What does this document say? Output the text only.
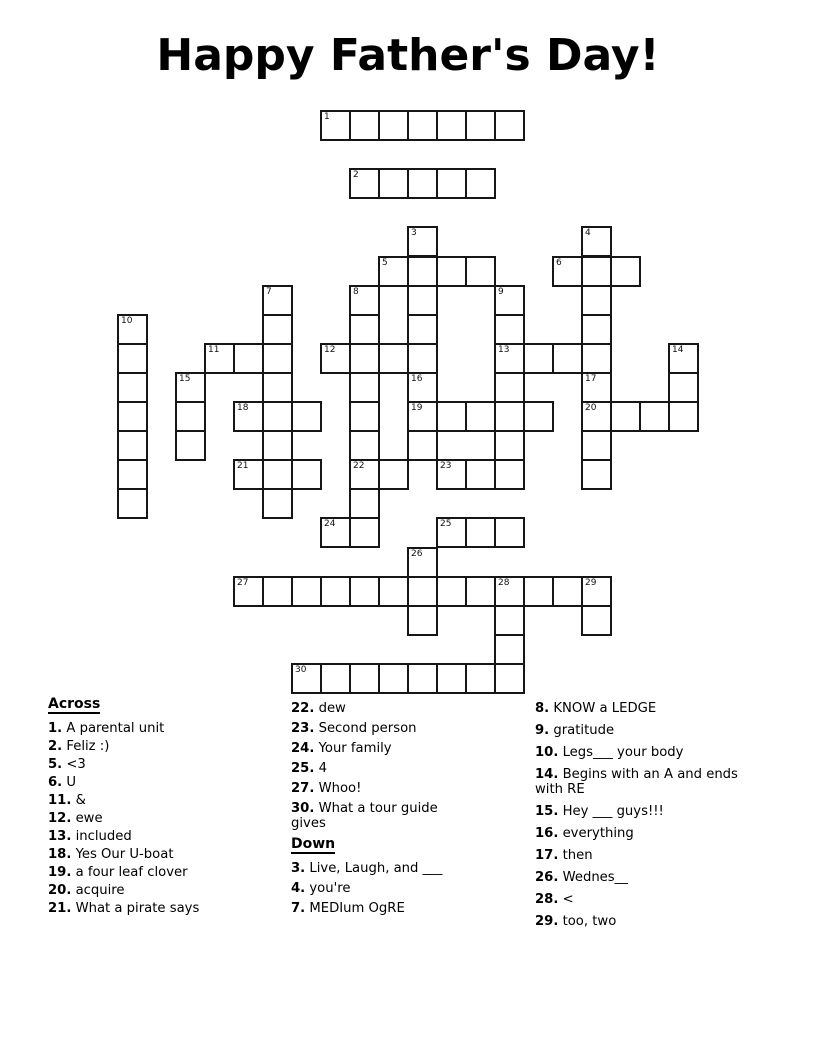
Happy Father's Day!
1
2
3	4
5	6
7	8
22
9
13
10
11	12	14
15	16
19
17
20
18
21	23
24	25
26
27	28	29
30
Across
1. A parental unit
2. Feliz :)
5. <3
6. U
11. &
12. ewe
13. included
18. Yes Our U-boat
19. a four leaf clover
20. acquire
21. What a pirate says
22. dew
23. Second person
24. Your family
25. 4
27. Whoo!
30. What a tour guide gives
Down
3. Live, Laugh, and ___
4. you're
7. MEDIum OgRE
8. KNOW a LEDGE
9. gratitude
10. Legs___ your body
14. Begins with an A and ends with RE
15. Hey ___ guys!!!
16. everything
17. then
26. Wednes__
28. <
29. too, two
